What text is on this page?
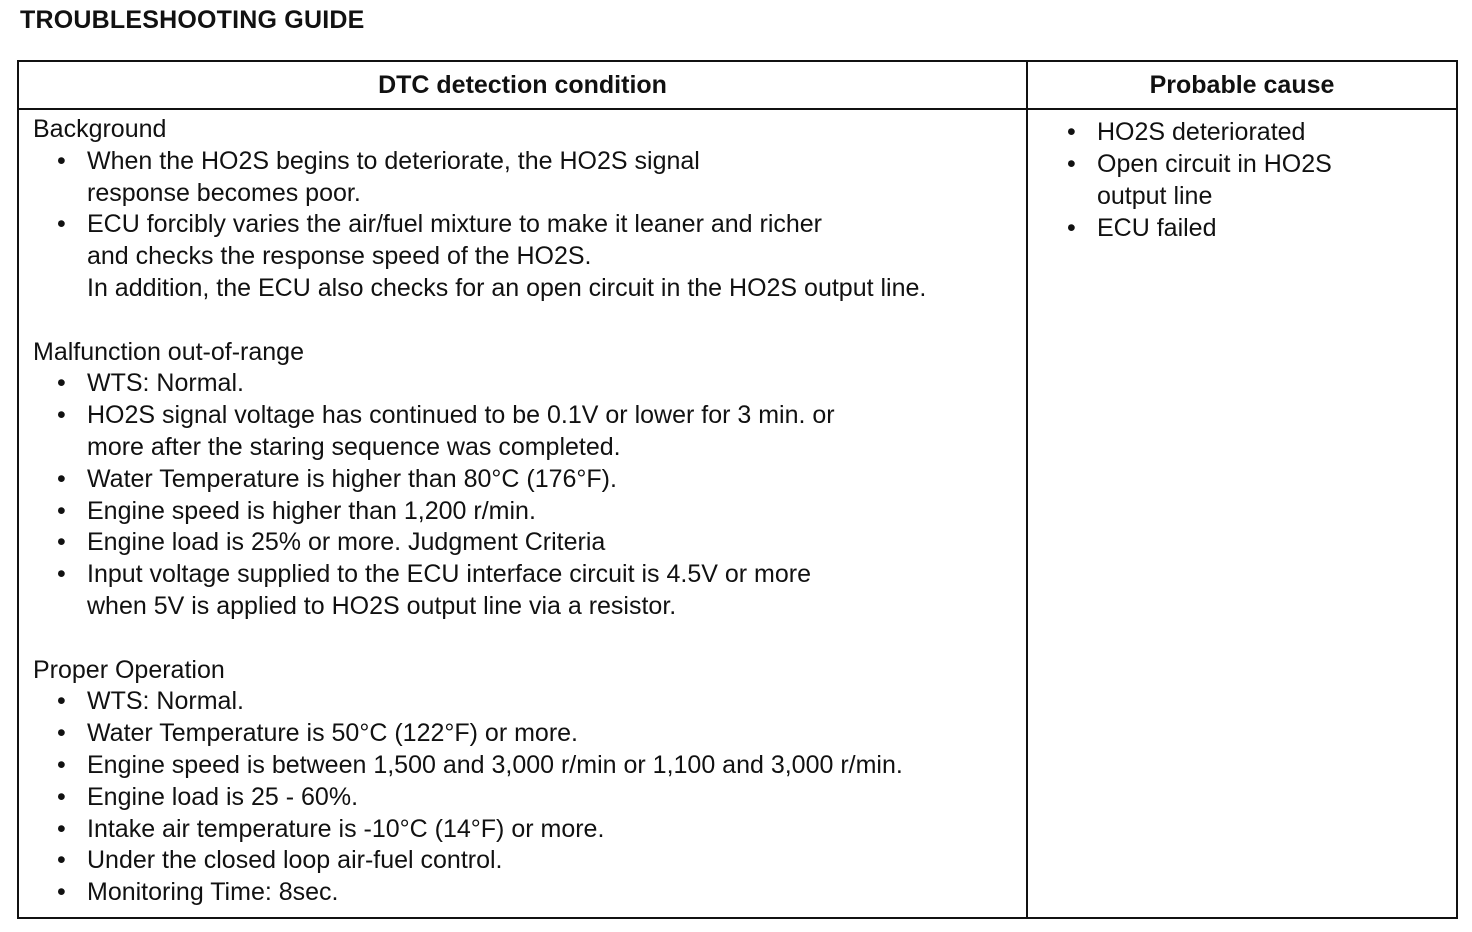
TROUBLESHOOTING GUIDE
DTC detection condition	Probable cause
Background
• When the HO2S begins to deteriorate, the HO2S signal
response becomes poor.
• ECU forcibly varies the air/fuel mixture to make it leaner and richer
and checks the response speed of the HO2S.
In addition, the ECU also checks for an open circuit in the HO2S output line.
Malfunction out-of-range
• WTS: Normal.
• HO2S signal voltage has continued to be 0.1V or lower for 3 min. or
more after the staring sequence was completed.
• Water Temperature is higher than 80°C (176°F).
• Engine speed is higher than 1,200 r/min.
• Engine load is 25% or more. Judgment Criteria
• Input voltage supplied to the ECU interface circuit is 4.5V or more
when 5V is applied to HO2S output line via a resistor.
Proper Operation
• WTS: Normal.
• Water Temperature is 50°C (122°F) or more.
• Engine speed is between 1,500 and 3,000 r/min or 1,100 and 3,000 r/min.
• Engine load is 25 - 60%.
• Intake air temperature is -10°C (14°F) or more.
• Under the closed loop air-fuel control.
• Monitoring Time: 8sec.
• HO2S deteriorated
• Open circuit in HO2S
output line
• ECU failed
